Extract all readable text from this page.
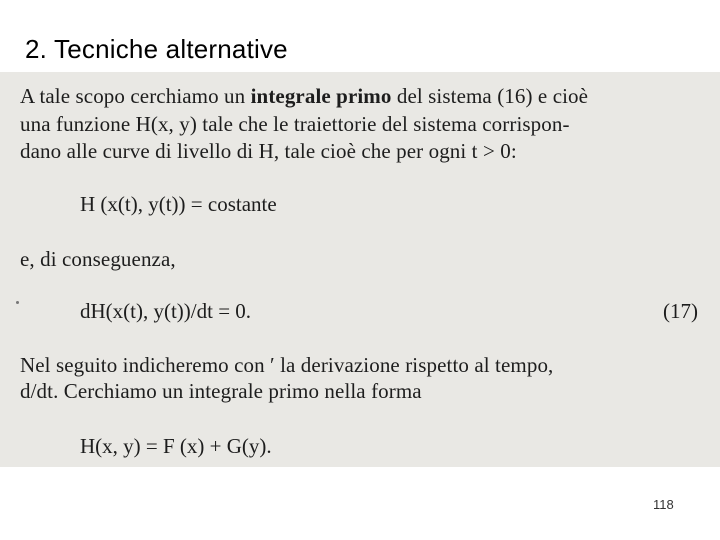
2. Tecniche alternative
A tale scopo cerchiamo un integrale primo del sistema (16) e cioè
una funzione H(x, y) tale che le traiettorie del sistema corrispon-
dano alle curve di livello di H, tale cioè che per ogni t > 0:
H (x(t), y(t)) = costante
e, di conseguenza,
dH(x(t), y(t))/dt = 0.	(17)
Nel seguito indicheremo con ′ la derivazione rispetto al tempo,
d/dt. Cerchiamo un integrale primo nella forma
H(x, y) = F (x) + G(y).
118
